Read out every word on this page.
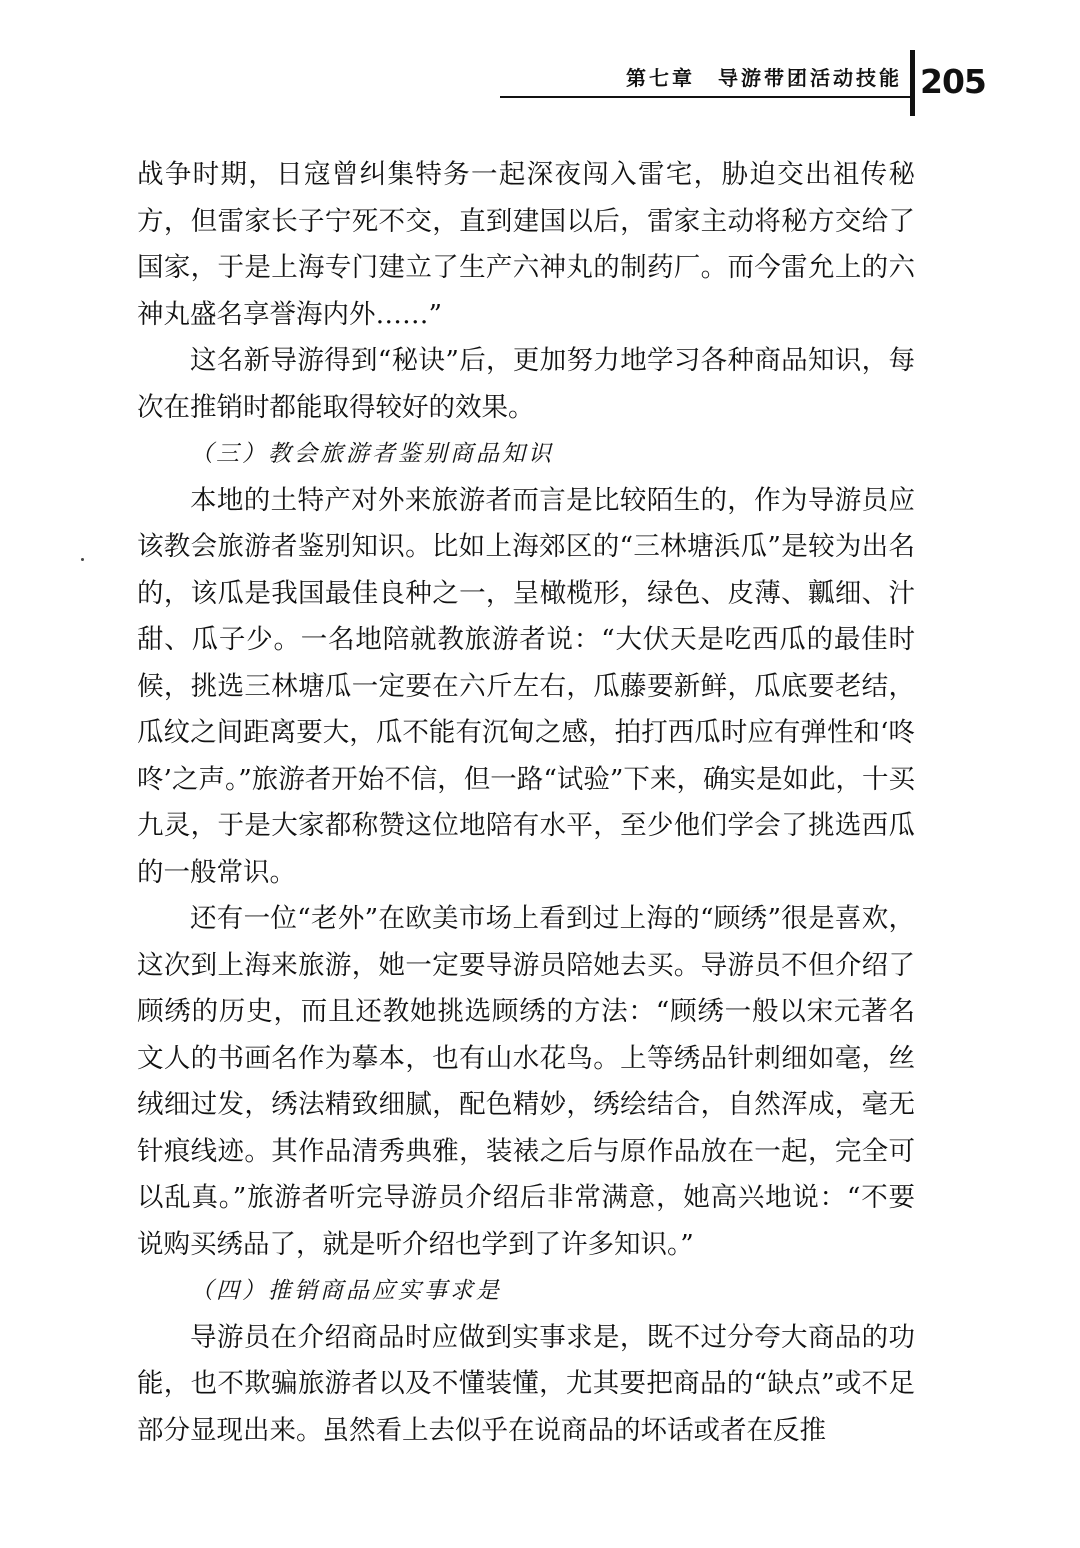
第七章　导游带团活动技能 205

战争时期，日寇曾纠集特务一起深夜闯入雷宅，胁迫交出祖传秘方，但雷家长子宁死不交，直到建国以后，雷家主动将秘方交给了国家，于是上海专门建立了生产六神丸的制药厂。而今雷允上的六神丸盛名享誉海内外……”

这名新导游得到“秘诀”后，更加努力地学习各种商品知识，每次在推销时都能取得较好的效果。

（三）教会旅游者鉴别商品知识

本地的土特产对外来旅游者而言是比较陌生的，作为导游员应该教会旅游者鉴别知识。比如上海郊区的“三林塘浜瓜”是较为出名的，该瓜是我国最佳良种之一，呈橄榄形，绿色、皮薄、瓤细、汁甜、瓜子少。一名地陪就教旅游者说：“大伏天是吃西瓜的最佳时候，挑选三林塘瓜一定要在六斤左右，瓜藤要新鲜，瓜底要老结，瓜纹之间距离要大，瓜不能有沉甸之感，拍打西瓜时应有弹性和‘咚咚’之声。”旅游者开始不信，但一路“试验”下来，确实是如此，十买九灵，于是大家都称赞这位地陪有水平，至少他们学会了挑选西瓜的一般常识。

还有一位“老外”在欧美市场上看到过上海的“顾绣”很是喜欢，这次到上海来旅游，她一定要导游员陪她去买。导游员不但介绍了顾绣的历史，而且还教她挑选顾绣的方法：“顾绣一般以宋元著名文人的书画名作为摹本，也有山水花鸟。上等绣品针刺细如毫，丝绒细过发，绣法精致细腻，配色精妙，绣绘结合，自然浑成，毫无针痕线迹。其作品清秀典雅，装裱之后与原作品放在一起，完全可以乱真。”旅游者听完导游员介绍后非常满意，她高兴地说：“不要说购买绣品了，就是听介绍也学到了许多知识。”

（四）推销商品应实事求是

导游员在介绍商品时应做到实事求是，既不过分夸大商品的功能，也不欺骗旅游者以及不懂装懂，尤其要把商品的“缺点”或不足部分显现出来。虽然看上去似乎在说商品的坏话或者在反推
